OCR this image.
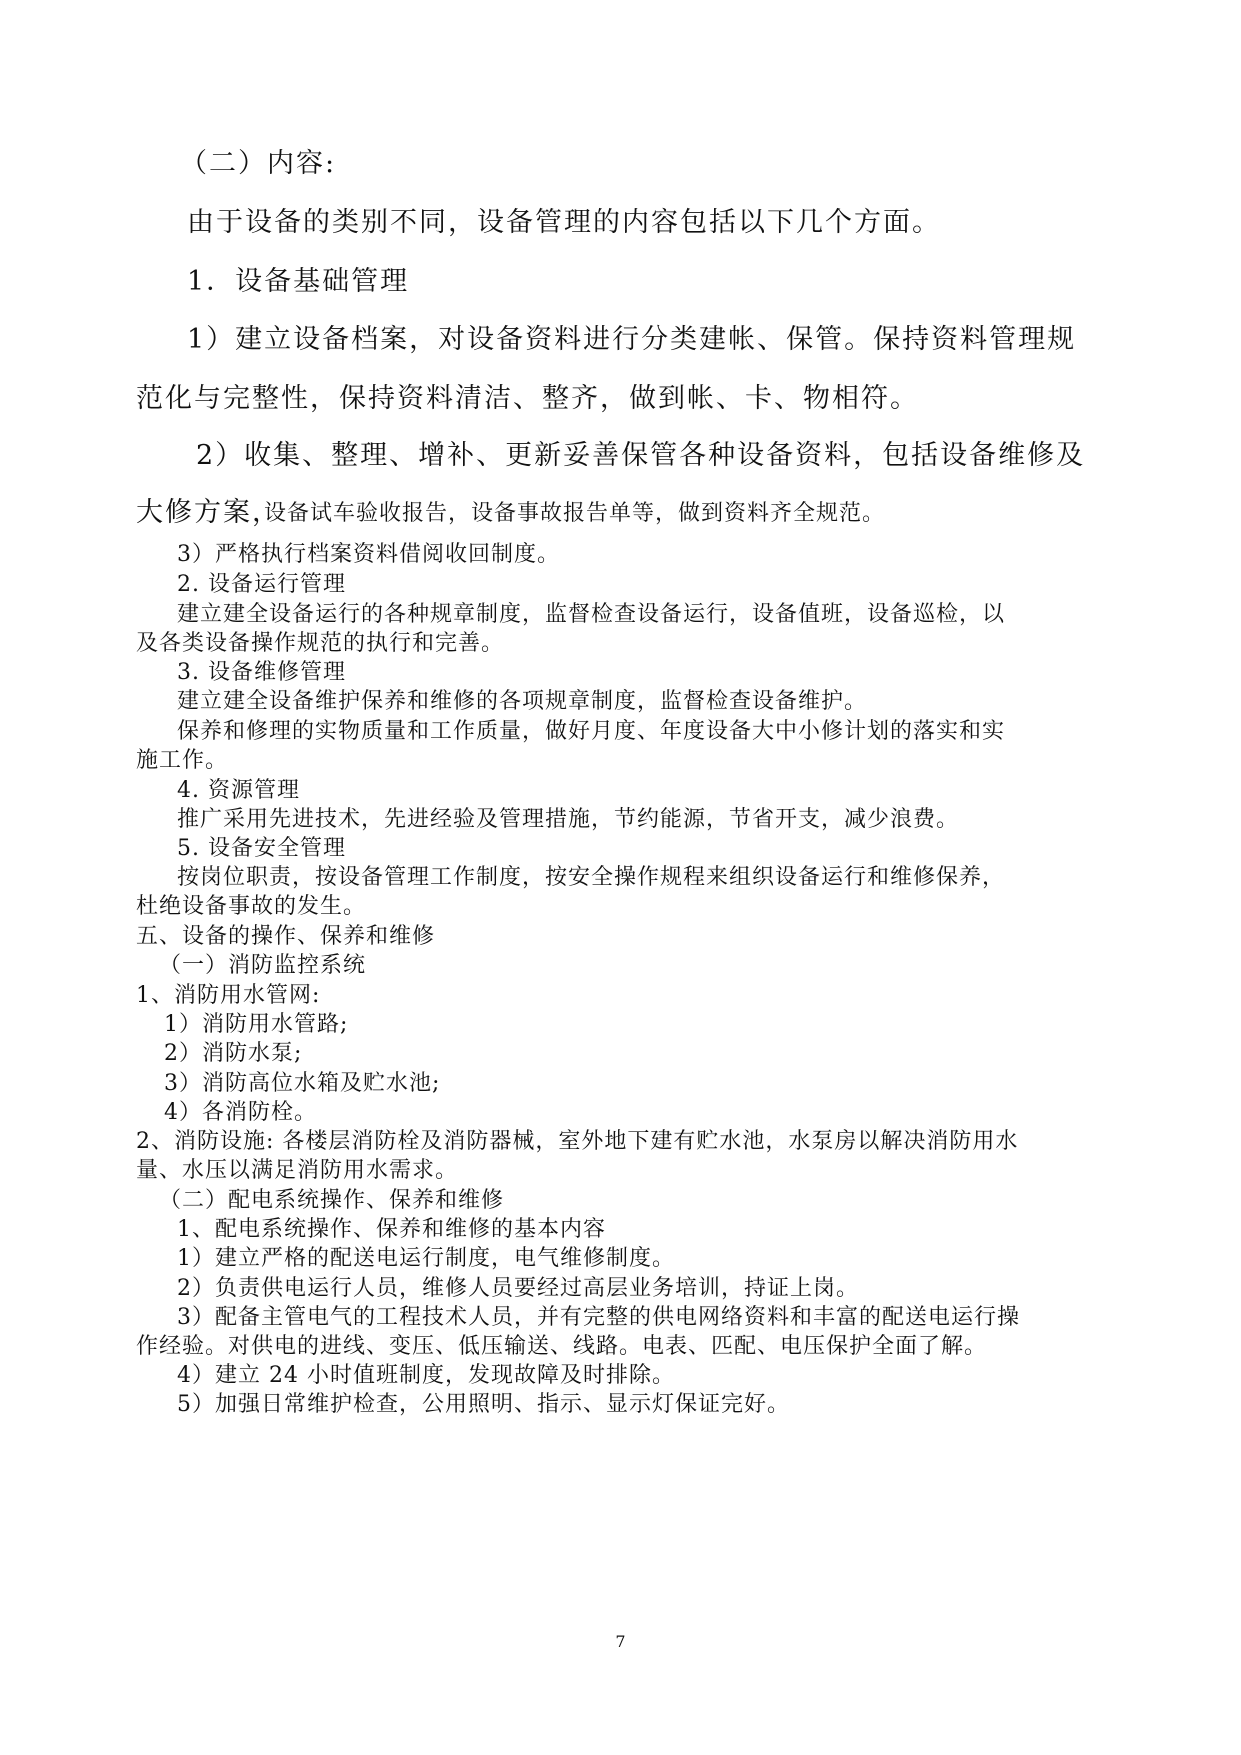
（二）内容:
由于设备的类别不同，设备管理的内容包括以下几个方面。
1．设备基础管理
1）建立设备档案，对设备资料进行分类建帐、保管。保持资料管理规
范化与完整性，保持资料清洁、整齐，做到帐、卡、物相符。
2）收集、整理、增补、更新妥善保管各种设备资料，包括设备维修及
大修方案，
设备试车验收报告，设备事故报告单等，做到资料齐全规范。
3）严格执行档案资料借阅收回制度。
2. 设备运行管理
建立建全设备运行的各种规章制度，监督检查设备运行，设备值班，设备巡检，以
及各类设备操作规范的执行和完善。
3. 设备维修管理
建立建全设备维护保养和维修的各项规章制度，监督检查设备维护。
保养和修理的实物质量和工作质量，做好月度、年度设备大中小修计划的落实和实
施工作。
4. 资源管理
推广采用先进技术，先进经验及管理措施，节约能源，节省开支，减少浪费。
5. 设备安全管理
按岗位职责，按设备管理工作制度，按安全操作规程来组织设备运行和维修保养，
杜绝设备事故的发生。
五、设备的操作、保养和维修
（一）消防监控系统
1、消防用水管网:
1）消防用水管路;
2）消防水泵;
3）消防高位水箱及贮水池;
4）各消防栓。
2、消防设施: 各楼层消防栓及消防器械，室外地下建有贮水池，水泵房以解决消防用水
量、水压以满足消防用水需求。
（二）配电系统操作、保养和维修
1、配电系统操作、保养和维修的基本内容
1）建立严格的配送电运行制度，电气维修制度。
2）负责供电运行人员，维修人员要经过高层业务培训，持证上岗。
3）配备主管电气的工程技术人员，并有完整的供电网络资料和丰富的配送电运行操
作经验。对供电的进线、变压、低压输送、线路。电表、匹配、电压保护全面了解。
4）建立 24 小时值班制度，发现故障及时排除。
5）加强日常维护检查，公用照明、指示、显示灯保证完好。
7
